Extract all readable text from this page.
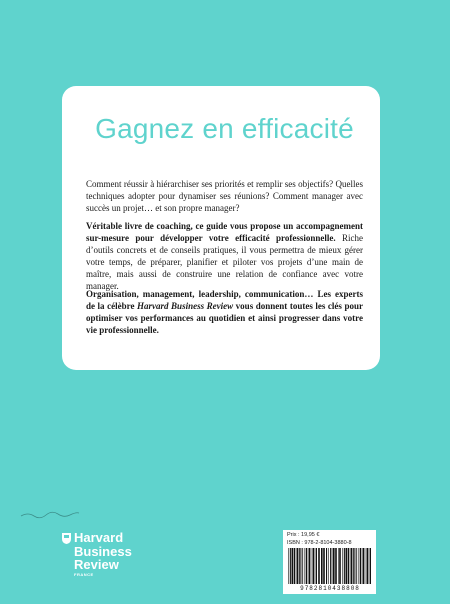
Gagnez en efficacité

Comment réussir à hiérarchiser ses priorités et remplir ses objectifs? Quelles techniques adopter pour dynamiser ses réunions? Comment manager avec succès un projet… et son propre manager?

Véritable livre de coaching, ce guide vous propose un accompagnement sur-mesure pour développer votre efficacité professionnelle. Riche d’outils concrets et de conseils pratiques, il vous permettra de mieux gérer votre temps, de préparer, planifier et piloter vos projets d’une main de maître, mais aussi de construire une relation de confiance avec votre manager.

Organisation, management, leadership, communication… Les experts de la célèbre Harvard Business Review vous donnent toutes les clés pour optimiser vos performances au quotidien et ainsi progresser dans votre vie professionnelle.

Harvard
Business
Review
FRANCE
Prix : 19,95 €
ISBN : 978-2-8104-3880-8
9782810438808
